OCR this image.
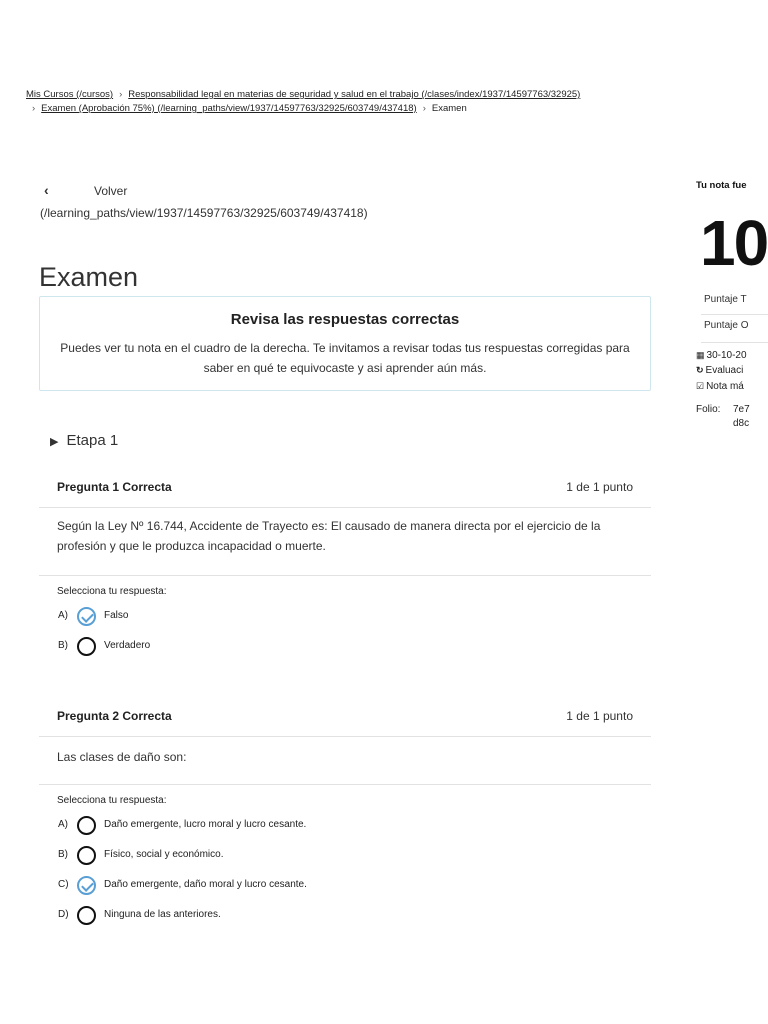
Mis Cursos (/cursos) › Responsabilidad legal en materias de seguridad y salud en el trabajo (/clases/index/1937/14597763/32925)
› Examen (Aprobación 75%) (/learning_paths/view/1937/14597763/32925/603749/437418) › Examen
‹	Volver
(/learning_paths/view/1937/14597763/32925/603749/437418)
Examen
Revisa las respuestas correctas

Puedes ver tu nota en el cuadro de la derecha. Te invitamos a revisar todas tus respuestas corregidas para saber en qué te equivocaste y asi aprender aún más.

▶ Etapa 1
Pregunta 1 Correcta	1 de 1 punto
Según la Ley Nº 16.744, Accidente de Trayecto es: El causado de manera directa por el ejercicio de la profesión y que le produzca incapacidad o muerte.
Selecciona tu respuesta:
A)	Falso
B)	Verdadero
Pregunta 2 Correcta	1 de 1 punto
Las clases de daño son:
Selecciona tu respuesta:
A)	Daño emergente, lucro moral y lucro cesante.
B)	Físico, social y económico.
C)	Daño emergente, daño moral y lucro cesante.
D)	Ninguna de las anteriores.
Tu nota fue
10
Puntaje T
Puntaje O
▦ 30-10-20
↻ Evaluaci
☑ Nota má
Folio: 7e7
d8c
